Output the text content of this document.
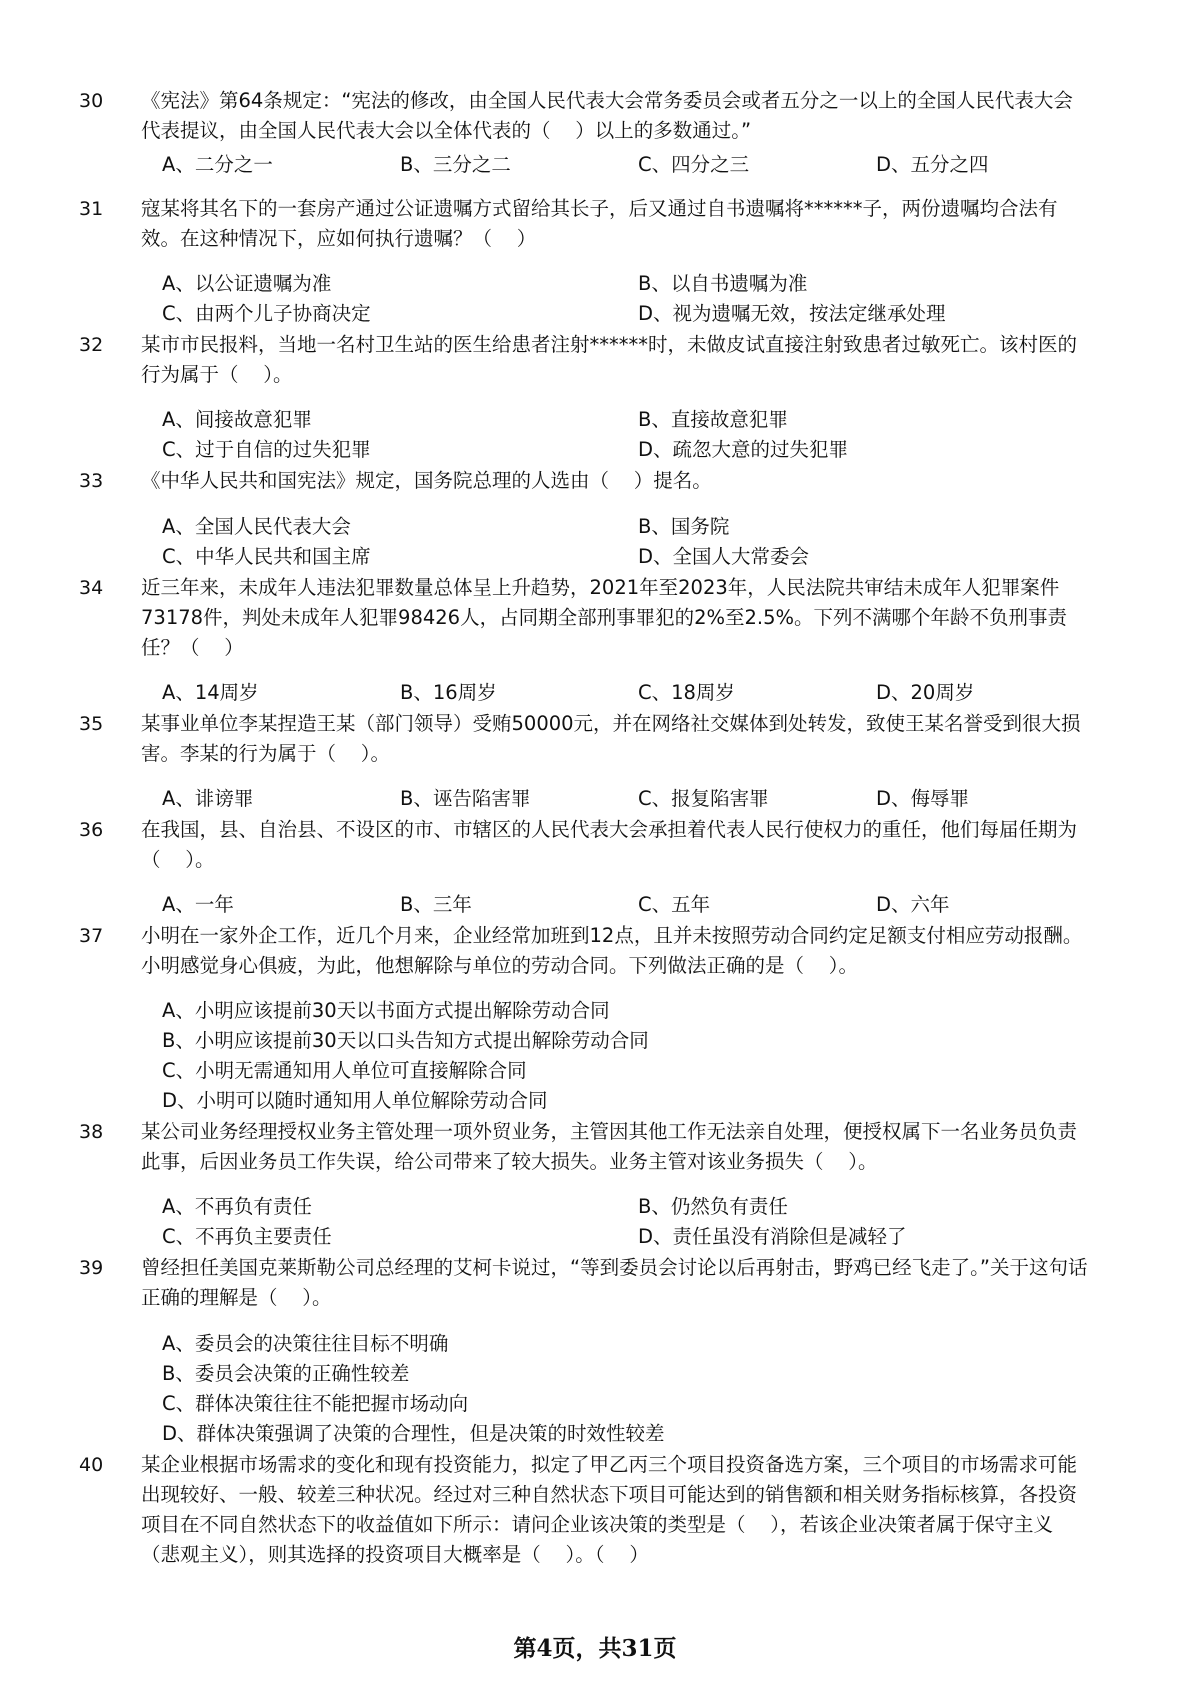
30 《宪法》第64条规定：“宪法的修改，由全国人民代表大会常务委员会或者五分之一以上的全国人民代表大会代表提议，由全国人民代表大会以全体代表的（    ）以上的多数通过。”
A、二分之一	B、三分之二	C、四分之三	D、五分之四
31 寇某将其名下的一套房产通过公证遗嘱方式留给其长子，后又通过自书遗嘱将******子，两份遗嘱均合法有效。在这种情况下，应如何执行遗嘱？（    ）
A、以公证遗嘱为准	B、以自书遗嘱为准
C、由两个儿子协商决定	D、视为遗嘱无效，按法定继承处理
32 某市市民报料，当地一名村卫生站的医生给患者注射******时，未做皮试直接注射致患者过敏死亡。该村医的行为属于（    ）。
A、间接故意犯罪	B、直接故意犯罪
C、过于自信的过失犯罪	D、疏忽大意的过失犯罪
33 《中华人民共和国宪法》规定，国务院总理的人选由（    ）提名。
A、全国人民代表大会	B、国务院
C、中华人民共和国主席	D、全国人大常委会
34 近三年来，未成年人违法犯罪数量总体呈上升趋势，2021年至2023年，人民法院共审结未成年人犯罪案件73178件，判处未成年人犯罪98426人，占同期全部刑事罪犯的2%至2.5%。下列不满哪个年龄不负刑事责任？（    ）
A、14周岁	B、16周岁	C、18周岁	D、20周岁
35 某事业单位李某捏造王某（部门领导）受贿50000元，并在网络社交媒体到处转发，致使王某名誉受到很大损害。李某的行为属于（    ）。
A、诽谤罪	B、诬告陷害罪	C、报复陷害罪	D、侮辱罪
36 在我国，县、自治县、不设区的市、市辖区的人民代表大会承担着代表人民行使权力的重任，他们每届任期为（    ）。
A、一年	B、三年	C、五年	D、六年
37 小明在一家外企工作，近几个月来，企业经常加班到12点，且并未按照劳动合同约定足额支付相应劳动报酬。小明感觉身心俱疲，为此，他想解除与单位的劳动合同。下列做法正确的是（    ）。
A、小明应该提前30天以书面方式提出解除劳动合同
B、小明应该提前30天以口头告知方式提出解除劳动合同
C、小明无需通知用人单位可直接解除合同
D、小明可以随时通知用人单位解除劳动合同
38 某公司业务经理授权业务主管处理一项外贸业务，主管因其他工作无法亲自处理，便授权属下一名业务员负责此事，后因业务员工作失误，给公司带来了较大损失。业务主管对该业务损失（    ）。
A、不再负有责任	B、仍然负有责任
C、不再负主要责任	D、责任虽没有消除但是减轻了
39 曾经担任美国克莱斯勒公司总经理的艾柯卡说过，“等到委员会讨论以后再射击，野鸡已经飞走了。”关于这句话正确的理解是（    ）。
A、委员会的决策往往目标不明确
B、委员会决策的正确性较差
C、群体决策往往不能把握市场动向
D、群体决策强调了决策的合理性，但是决策的时效性较差
40 某企业根据市场需求的变化和现有投资能力，拟定了甲乙丙三个项目投资备选方案，三个项目的市场需求可能出现较好、一般、较差三种状况。经过对三种自然状态下项目可能达到的销售额和相关财务指标核算，各投资项目在不同自然状态下的收益值如下所示：请问企业该决策的类型是（    ），若该企业决策者属于保守主义（悲观主义），则其选择的投资项目大概率是（    ）。（    ）
第4页，共31页
